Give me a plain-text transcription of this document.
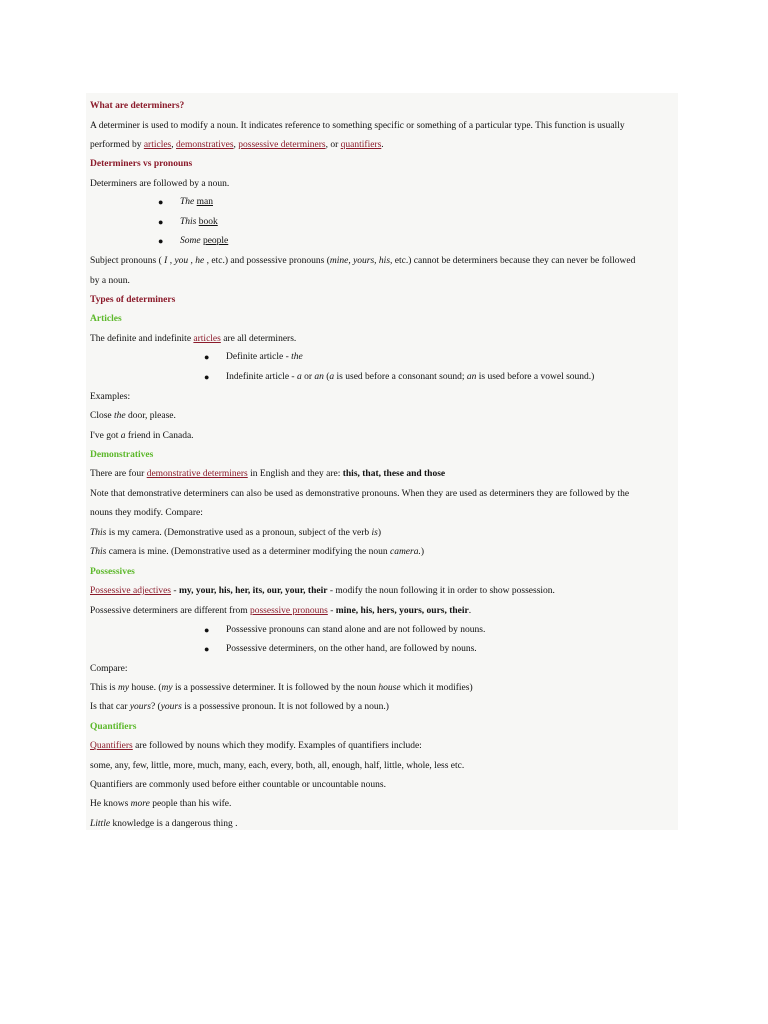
What are determiners?
A determiner is used to modify a noun. It indicates reference to something specific or something of a particular type. This function is usually
performed by articles, demonstratives, possessive determiners, or quantifiers.
Determiners vs pronouns
Determiners are followed by a noun.
● The man
● This book
● Some people
Subject pronouns ( I , you , he , etc.) and possessive pronouns (mine, yours, his, etc.) cannot be determiners because they can never be followed
by a noun.
Types of determiners
Articles
The definite and indefinite articles are all determiners.
● Definite article - the
● Indefinite article - a or an (a is used before a consonant sound; an is used before a vowel sound.)
Examples:
Close the door, please.
I've got a friend in Canada.
Demonstratives
There are four demonstrative determiners in English and they are: this, that, these and those
Note that demonstrative determiners can also be used as demonstrative pronouns. When they are used as determiners they are followed by the
nouns they modify. Compare:
This is my camera. (Demonstrative used as a pronoun, subject of the verb is)
This camera is mine. (Demonstrative used as a determiner modifying the noun camera.)
Possessives
Possessive adjectives - my, your, his, her, its, our, your, their - modify the noun following it in order to show possession.
Possessive determiners are different from possessive pronouns - mine, his, hers, yours, ours, their.
● Possessive pronouns can stand alone and are not followed by nouns.
● Possessive determiners, on the other hand, are followed by nouns.
Compare:
This is my house. (my is a possessive determiner. It is followed by the noun house which it modifies)
Is that car yours? (yours is a possessive pronoun. It is not followed by a noun.)
Quantifiers
Quantifiers are followed by nouns which they modify. Examples of quantifiers include:
some, any, few, little, more, much, many, each, every, both, all, enough, half, little, whole, less etc.
Quantifiers are commonly used before either countable or uncountable nouns.
He knows more people than his wife.
Little knowledge is a dangerous thing .
